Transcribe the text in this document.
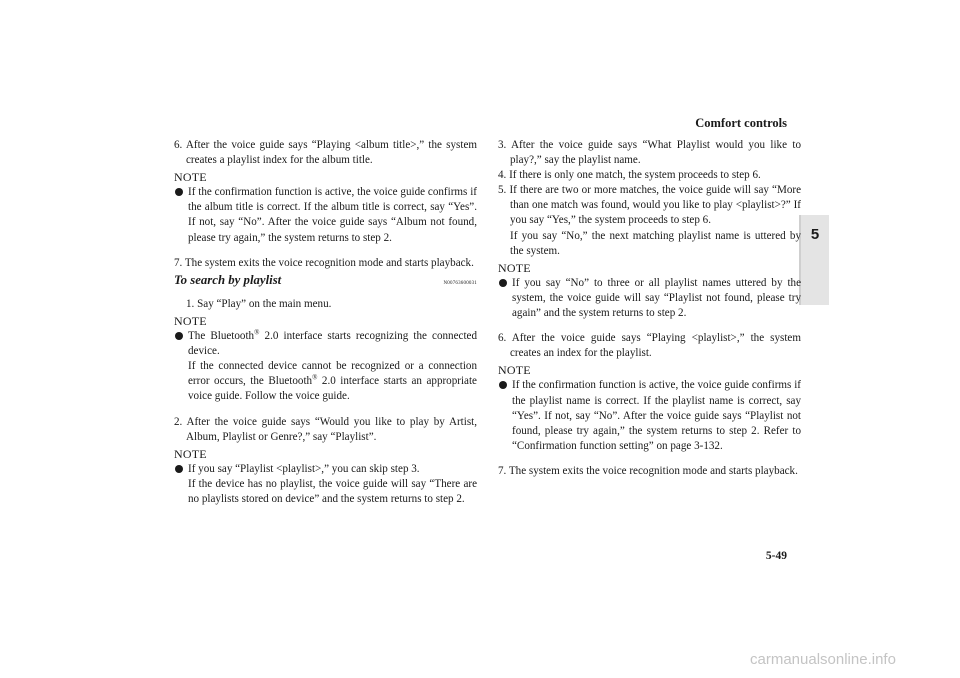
Comfort controls
5
6. After the voice guide says “Playing <album title>,” the system creates a playlist index for the album title.
NOTE
If the confirmation function is active, the voice guide confirms if the album title is correct. If the album title is correct, say “Yes”. If not, say “No”. After the voice guide says “Album not found, please try again,” the system returns to step 2.
7. The system exits the voice recognition mode and starts playback.
To search by playlist	N00763600031
1. Say “Play” on the main menu.
NOTE

The Bluetooth® 2.0 interface starts recognizing the connected device.

If the connected device cannot be recognized or a connection error occurs, the Bluetooth® 2.0 interface starts an appropriate voice guide. Follow the voice guide.

2. After the voice guide says “Would you like to play by Artist, Album, Playlist or Genre?,” say “Playlist”.
NOTE

If you say “Playlist <playlist>,” you can skip step 3.

If the device has no playlist, the voice guide will say “There are no playlists stored on device” and the system returns to step 2.

3. After the voice guide says “What Playlist would you like to play?,” say the playlist name.
4. If there is only one match, the system proceeds to step 6.
5. If there are two or more matches, the voice guide will say “More than one match was found, would you like to play <playlist>?” If you say “Yes,” the system proceeds to step 6.
If you say “No,” the next matching playlist name is uttered by the system.
NOTE
If you say “No” to three or all playlist names uttered by the system, the voice guide will say “Playlist not found, please try again” and the system returns to step 2.
6. After the voice guide says “Playing <playlist>,” the system creates an index for the playlist.
NOTE
If the confirmation function is active, the voice guide confirms if the playlist name is correct. If the playlist name is correct, say “Yes”. If not, say “No”. After the voice guide says “Playlist not found, please try again,” the system returns to step 2. Refer to “Confirmation function setting” on page 3-132.
7. The system exits the voice recognition mode and starts playback.
5-49
carmanualsonline.info
